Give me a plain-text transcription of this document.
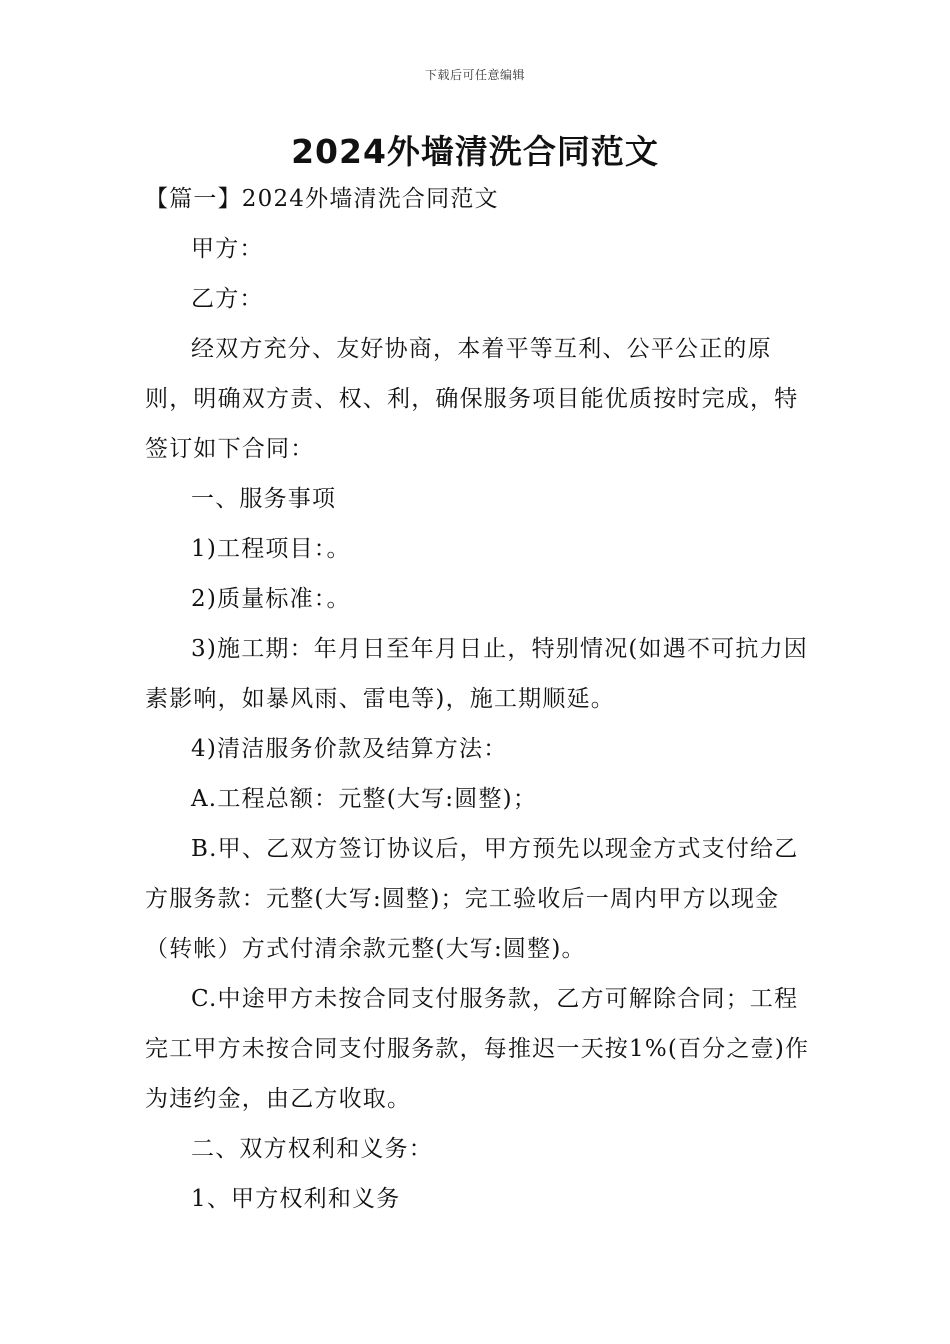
下载后可任意编辑
2024外墙清洗合同范文

【篇一】2024外墙清洗合同范文

甲方：

乙方：

经双方充分、友好协商，本着平等互利、公平公正的原则，明确双方责、权、利，确保服务项目能优质按时完成，特签订如下合同：

一、服务事项

1)工程项目：。

2)质量标准：。

3)施工期：年月日至年月日止，特别情况(如遇不可抗力因素影响，如暴风雨、雷电等)，施工期顺延。

4)清洁服务价款及结算方法：

A.工程总额：元整(大写:圆整)；

B.甲、乙双方签订协议后，甲方预先以现金方式支付给乙方服务款：元整(大写:圆整)；完工验收后一周内甲方以现金（转帐）方式付清余款元整(大写:圆整)。

C.中途甲方未按合同支付服务款，乙方可解除合同；工程完工甲方未按合同支付服务款，每推迟一天按1%(百分之壹)作为违约金，由乙方收取。

二、双方权利和义务：

1、甲方权利和义务
